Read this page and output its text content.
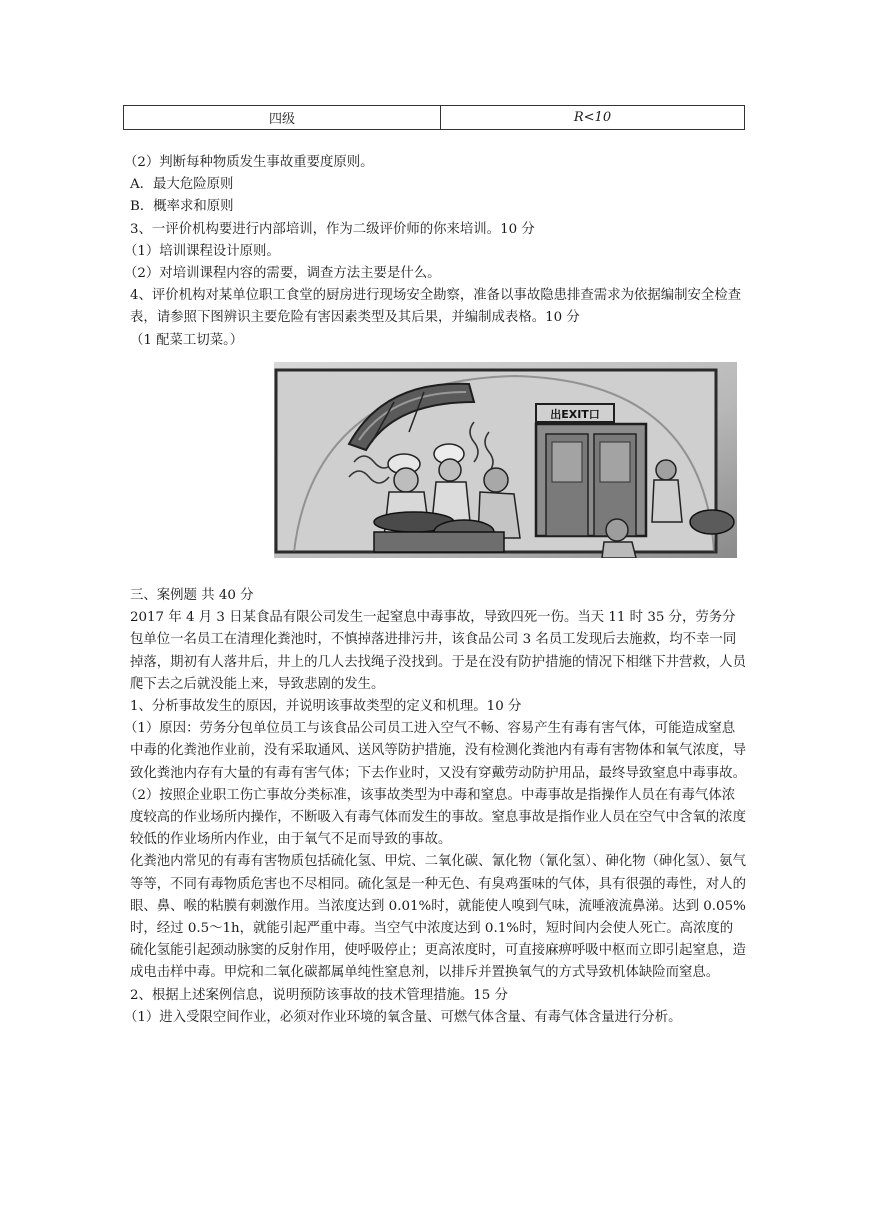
四级	R<10

（2）判断每种物质发生事故重要度原则。

A．最大危险原则

B．概率求和原则

3、一评价机构要进行内部培训，作为二级评价师的你来培训。10 分

（1）培训课程设计原则。

（2）对培训课程内容的需要，调查方法主要是什么。

4、评价机构对某单位职工食堂的厨房进行现场安全勘察，准备以事故隐患排查需求为依据编制安全检查表，请参照下图辨识主要危险有害因素类型及其后果，并编制成表格。10 分

（1 配菜工切菜。）

出EXIT口

三、案例题 共 40 分

2017 年 4 月 3 日某食品有限公司发生一起窒息中毒事故，导致四死一伤。当天 11 时 35 分，劳务分包单位一名员工在清理化粪池时，不慎掉落进排污井，该食品公司 3 名员工发现后去施救，均不幸一同掉落，期初有人落井后，井上的几人去找绳子没找到。于是在没有防护措施的情况下相继下井营救，人员爬下去之后就没能上来，导致悲剧的发生。

1、分析事故发生的原因，并说明该事故类型的定义和机理。10 分

（1）原因：劳务分包单位员工与该食品公司员工进入空气不畅、容易产生有毒有害气体，可能造成窒息中毒的化粪池作业前，没有采取通风、送风等防护措施，没有检测化粪池内有毒有害物体和氧气浓度，导致化粪池内存有大量的有毒有害气体；下去作业时，又没有穿戴劳动防护用品，最终导致窒息中毒事故。

（2）按照企业职工伤亡事故分类标准，该事故类型为中毒和窒息。中毒事故是指操作人员在有毒气体浓度较高的作业场所内操作，不断吸入有毒气体而发生的事故。窒息事故是指作业人员在空气中含氧的浓度较低的作业场所内作业，由于氧气不足而导致的事故。

化粪池内常见的有毒有害物质包括硫化氢、甲烷、二氧化碳、氰化物（氰化氢）、砷化物（砷化氢）、氨气等等，不同有毒物质危害也不尽相同。硫化氢是一种无色、有臭鸡蛋味的气体，具有很强的毒性，对人的眼、鼻、喉的粘膜有刺激作用。当浓度达到 0.01%时，就能使人嗅到气味，流唾液流鼻涕。达到 0.05%时，经过 0.5～1h，就能引起严重中毒。当空气中浓度达到 0.1%时，短时间内会使人死亡。高浓度的硫化氢能引起颈动脉窦的反射作用，使呼吸停止；更高浓度时，可直接麻痹呼吸中枢而立即引起窒息，造成电击样中毒。甲烷和二氧化碳都属单纯性窒息剂，以排斥并置换氧气的方式导致机体缺险而窒息。

2、根据上述案例信息，说明预防该事故的技术管理措施。15 分

（1）进入受限空间作业，必须对作业环境的氧含量、可燃气体含量、有毒气体含量进行分析。
